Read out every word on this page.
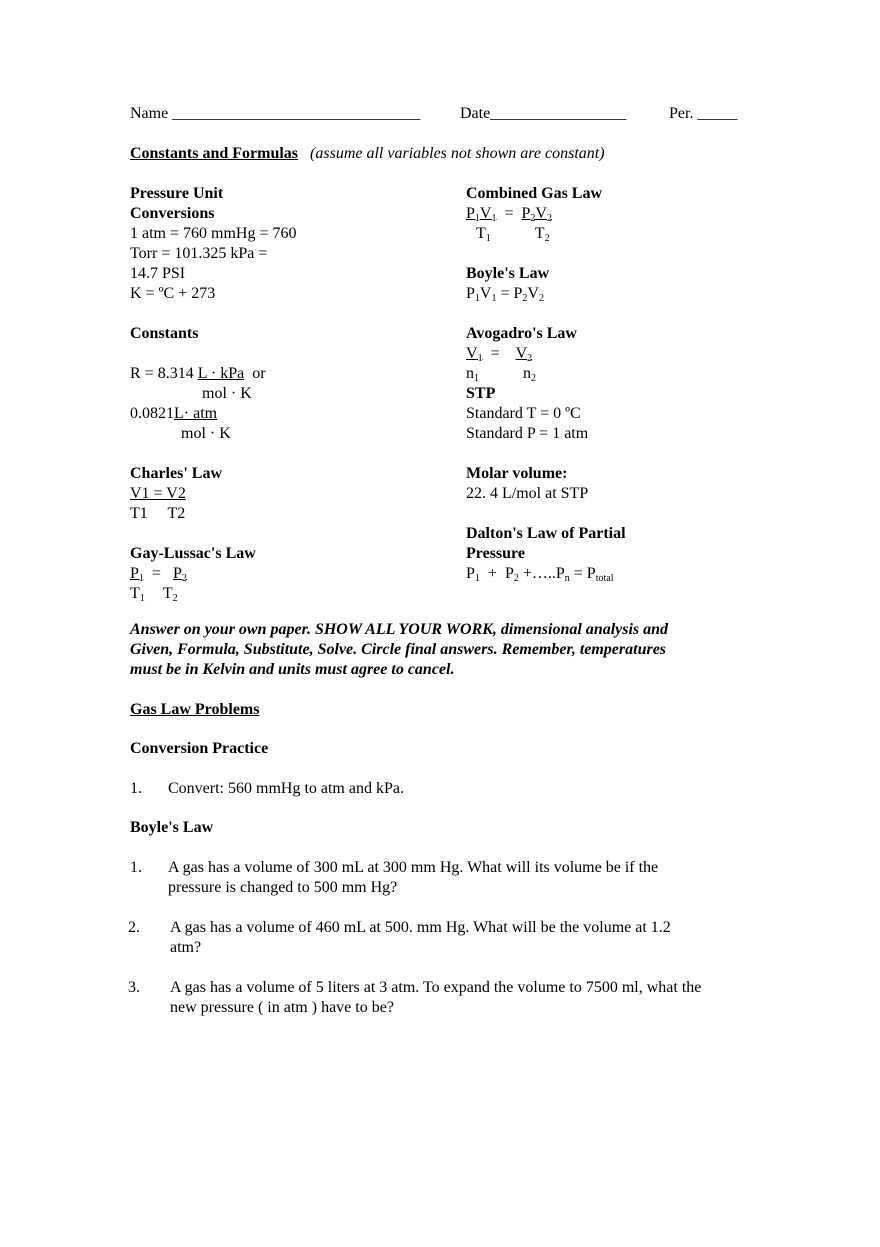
Name _______________________________ Date_________________	Per. _____
Constants and Formulas (assume all variables not shown are constant)
Pressure Unit
Conversions
1 atm = 760 mmHg = 760
Torr = 101.325 kPa =
14.7 PSI
K = ºC + 273
Constants
R = 8.314 L · kPa or
mol · K
0.0821L· atm
mol · K
Charles' Law
V1 = V2
T1     T2
Gay-Lussac's Law
P1 = P2
T1 T2
Combined Gas Law
P1V1 = P2V2
T1	T2
Boyle's Law
P1V1 = P2V2
Avogadro's Law
V1 = V2
n1	n2
STP
Standard T = 0 ºC
Standard P = 1 atm
Molar volume:
22. 4 L/mol at STP
Dalton's Law of Partial
Pressure
P1 + P2 +…..Pn = Ptotal
Answer on your own paper. SHOW ALL YOUR WORK, dimensional analysis and
Given, Formula, Substitute, Solve. Circle final answers. Remember, temperatures
must be in Kelvin and units must agree to cancel.
Gas Law Problems
Conversion Practice
1. Convert: 560 mmHg to atm and kPa.
Boyle's Law
1. A gas has a volume of 300 mL at 300 mm Hg. What will its volume be if the
pressure is changed to 500 mm Hg?
2. A gas has a volume of 460 mL at 500. mm Hg. What will be the volume at 1.2
atm?
3. A gas has a volume of 5 liters at 3 atm. To expand the volume to 7500 ml, what the
new pressure ( in atm ) have to be?
